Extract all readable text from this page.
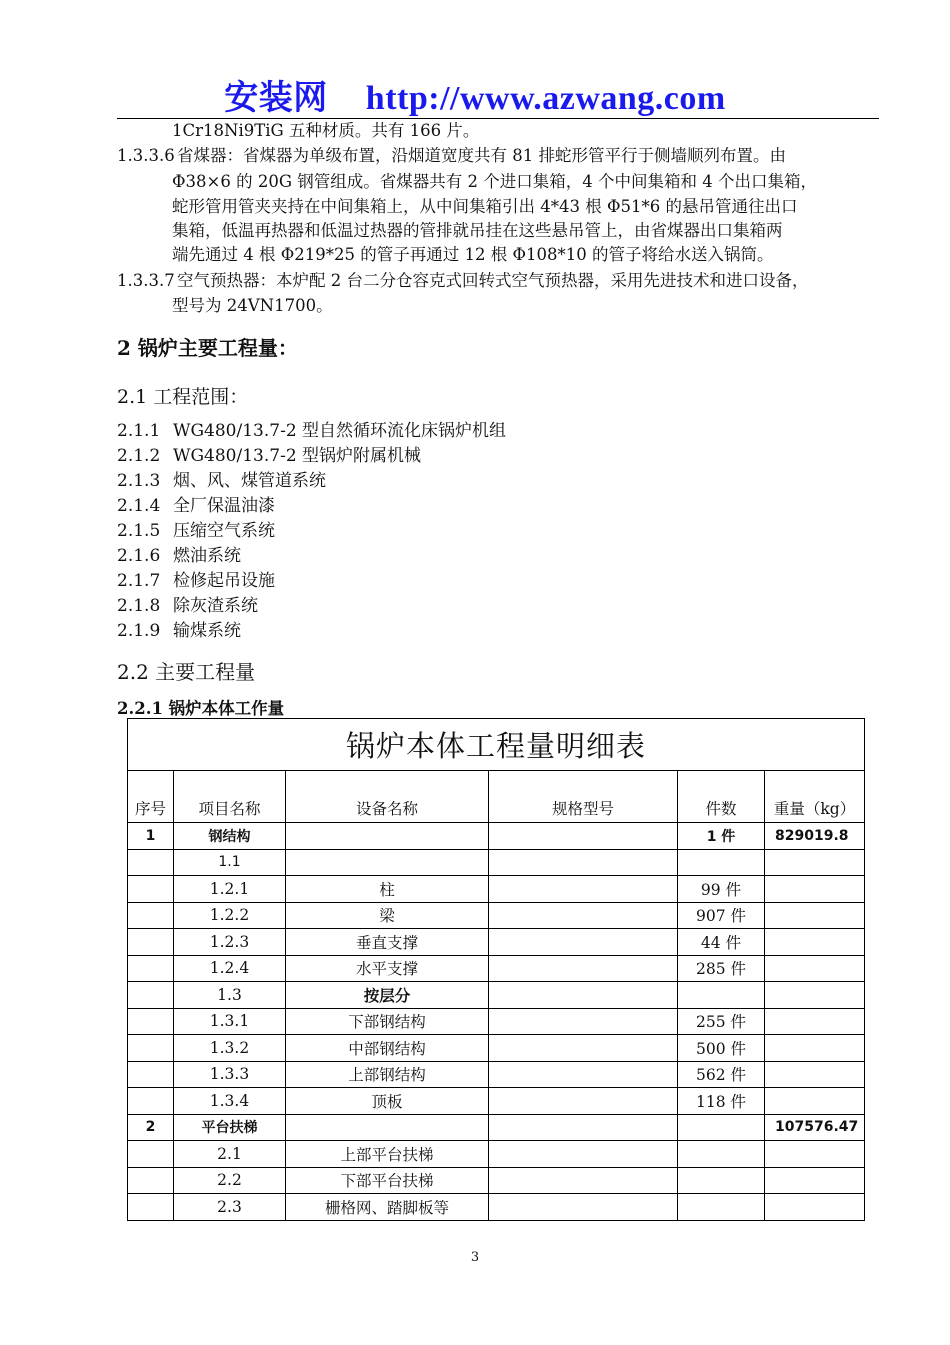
安装网 http://www.azwang.com
1Cr18Ni9TiG 五种材质。共有 166 片。
1.3.3.6 省煤器：省煤器为单级布置，沿烟道宽度共有 81 排蛇形管平行于侧墙顺列布置。由
Φ38×6 的 20G 钢管组成。省煤器共有 2 个进口集箱，4 个中间集箱和 4 个出口集箱，
蛇形管用管夹夹持在中间集箱上，从中间集箱引出 4*43 根 Φ51*6 的悬吊管通往出口
集箱，低温再热器和低温过热器的管排就吊挂在这些悬吊管上，由省煤器出口集箱两
端先通过 4 根 Φ219*25 的管子再通过 12 根 Φ108*10 的管子将给水送入锅筒。
1.3.3.7 空气预热器：本炉配 2 台二分仓容克式回转式空气预热器，采用先进技术和进口设备，
型号为 24VN1700。
2 锅炉主要工程量：
2.1 工程范围：
2.1.1 WG480/13.7-2 型自然循环流化床锅炉机组
2.1.2 WG480/13.7-2 型锅炉附属机械
2.1.3 烟、风、煤管道系统
2.1.4 全厂保温油漆
2.1.5 压缩空气系统
2.1.6 燃油系统
2.1.7 检修起吊设施
2.1.8 除灰渣系统
2.1.9 输煤系统
2.2 主要工程量
2.2.1 锅炉本体工作量
锅炉本体工程量明细表					
序号	项目名称	设备名称	规格型号	件数	重量（kg）
1	钢结构			1 件	829019.8
	1.1				
	1.2.1	柱		99 件	
	1.2.2	梁		907 件	
	1.2.3	垂直支撑		44 件	
	1.2.4	水平支撑		285 件	
	1.3	按层分			
	1.3.1	下部钢结构		255 件	
	1.3.2	中部钢结构		500 件	
	1.3.3	上部钢结构		562 件	
	1.3.4	顶板		118 件	
2	平台扶梯				107576.47
	2.1	上部平台扶梯			
	2.2	下部平台扶梯			
	2.3	栅格网、踏脚板等			
3
